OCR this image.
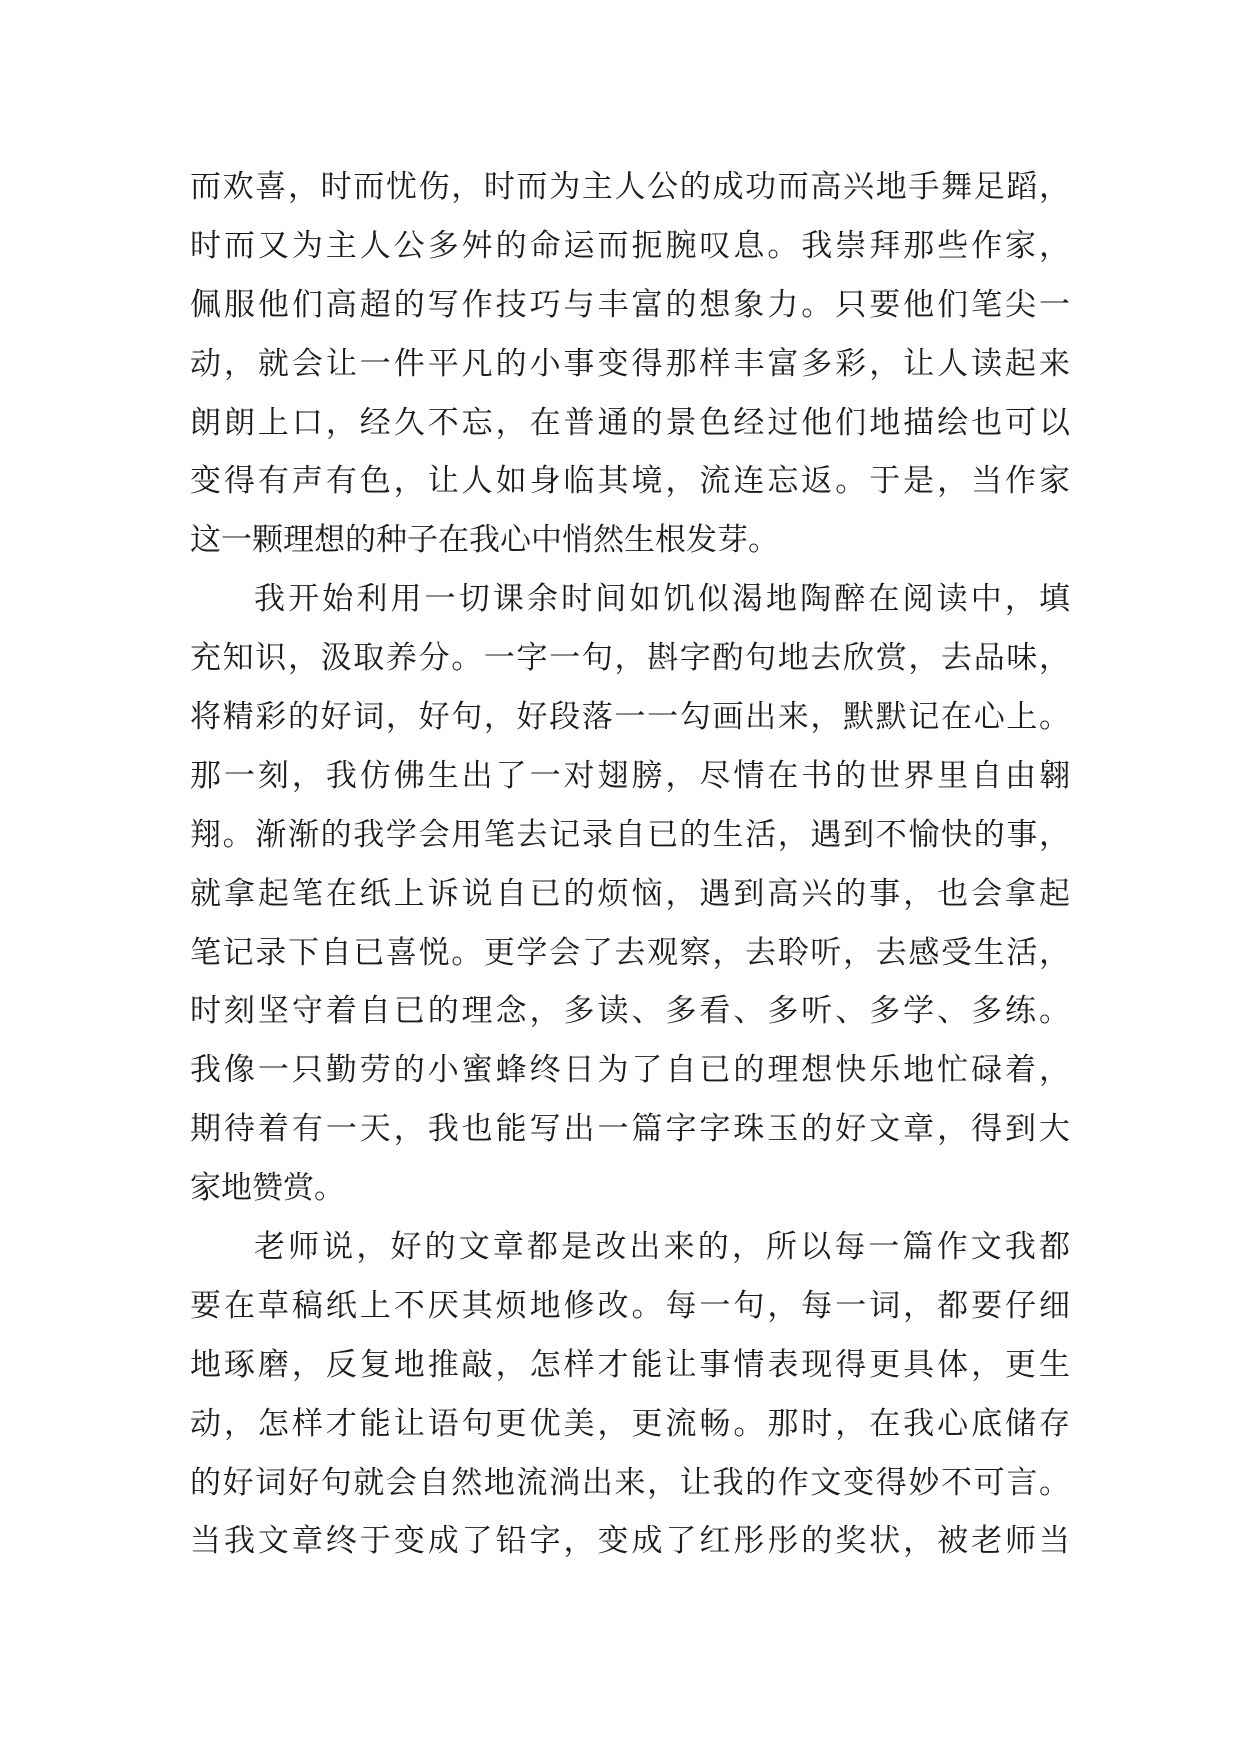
而欢喜，时而忧伤，时而为主人公的成功而高兴地手舞足蹈，
时而又为主人公多舛的命运而扼腕叹息。我崇拜那些作家，
佩服他们高超的写作技巧与丰富的想象力。只要他们笔尖一
动，就会让一件平凡的小事变得那样丰富多彩，让人读起来
朗朗上口，经久不忘，在普通的景色经过他们地描绘也可以
变得有声有色，让人如身临其境，流连忘返。于是，当作家
这一颗理想的种子在我心中悄然生根发芽。
我开始利用一切课余时间如饥似渴地陶醉在阅读中，填
充知识，汲取养分。一字一句，斟字酌句地去欣赏，去品味，
将精彩的好词，好句，好段落一一勾画出来，默默记在心上。
那一刻，我仿佛生出了一对翅膀，尽情在书的世界里自由翱
翔。渐渐的我学会用笔去记录自已的生活，遇到不愉快的事，
就拿起笔在纸上诉说自已的烦恼，遇到高兴的事，也会拿起
笔记录下自已喜悦。更学会了去观察，去聆听，去感受生活，
时刻坚守着自已的理念，多读、多看、多听、多学、多练。
我像一只勤劳的小蜜蜂终日为了自已的理想快乐地忙碌着，
期待着有一天，我也能写出一篇字字珠玉的好文章，得到大
家地赞赏。
老师说，好的文章都是改出来的，所以每一篇作文我都
要在草稿纸上不厌其烦地修改。每一句，每一词，都要仔细
地琢磨，反复地推敲，怎样才能让事情表现得更具体，更生
动，怎样才能让语句更优美，更流畅。那时，在我心底储存
的好词好句就会自然地流淌出来，让我的作文变得妙不可言。
当我文章终于变成了铅字，变成了红彤彤的奖状，被老师当
